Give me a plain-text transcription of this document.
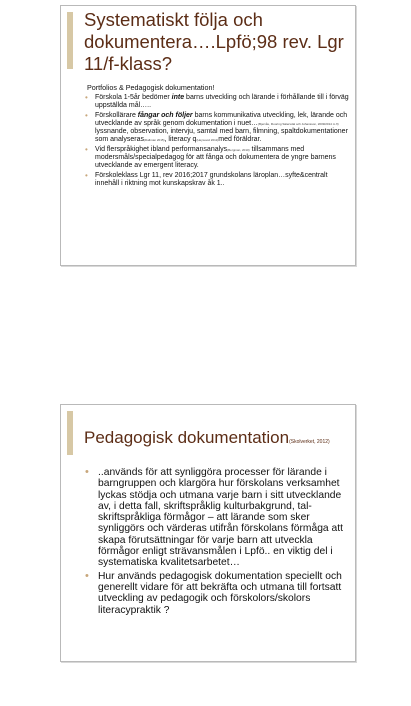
Systematiskt följa och dokumentera….Lpfö;98 rev. Lgr 11/f-klass?
Portfolios & Pedagogisk dokumentation!
• Förskola 1-5år bedömer inte barns utveckling och lärande i förhållande till i förväg uppställda mål…..
• Förskollärare fångar och följer barns kommunikativa utveckling, lek, lärande och utvecklande av språk genom dokumentation i nuet…(Bjervås, Flooring Sätersdal och Johansson, 2009/2014 m.fl) lyssnande, observation, intervju, samtal med barn, filmning, spaltdokumentationer som analyseras(Dallman 2015), literacy q(Heywood 2011)med föräldrar.
• Vid flerspråkighet ibland performansanalys(Bergman, 2010) tillsammans med modersmåls/specialpedagog för att fånga och dokumentera de yngre barnens utvecklande av emergent literacy.
• Förskoleklass Lgr 11, rev 2016;2017 grundskolans läroplan…syfte&centralt innehåll i riktning mot kunskapskrav åk 1..
Pedagogisk dokumentation(Skolverket, 2012)
• ..används för att synliggöra processer för lärande i barngruppen och klargöra hur förskolans verksamhet lyckas stödja och utmana varje barn i sitt utvecklande av, i detta fall, skriftspråklig kulturbakgrund, tal- skriftspråkliga förmågor – att lärande som sker synliggörs och värderas utifrån förskolans förmåga att skapa förutsättningar för varje barn att utveckla förmågor enligt strävansmålen i Lpfö.. en viktig del i systematiska kvalitetsarbetet…
• Hur används pedagogisk dokumentation speciellt och generellt vidare för att bekräfta och utmana till fortsatt utveckling av pedagogik och förskolors/skolors literacypraktik ?
